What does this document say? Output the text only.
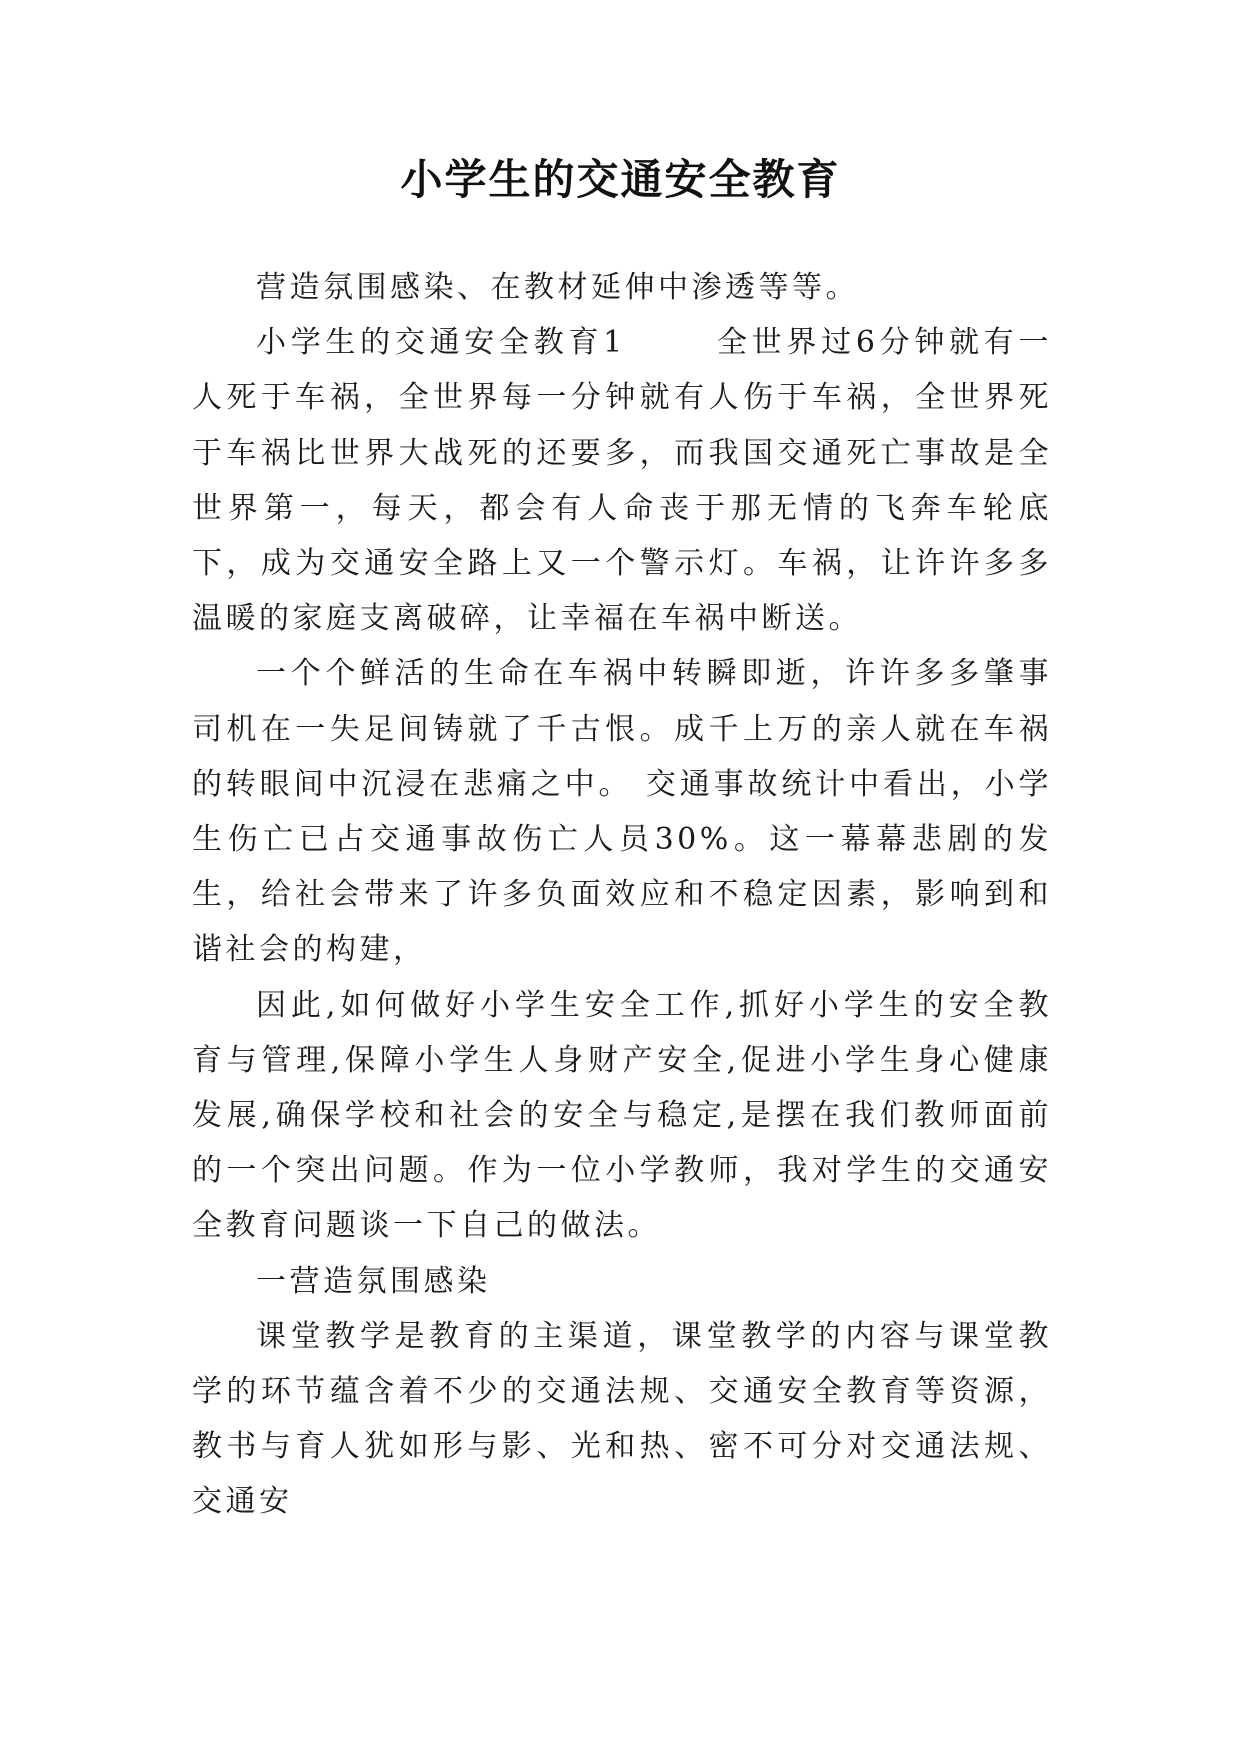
小学生的交通安全教育

营造氛围感染、在教材延伸中渗透等等。

小学生的交通安全教育1	全世界过6分钟就有一人死于车祸，全世界每一分钟就有人伤于车祸，全世界死于车祸比世界大战死的还要多，而我国交通死亡事故是全世界第一，每天，都会有人命丧于那无情的飞奔车轮底下，成为交通安全路上又一个警示灯。车祸，让许许多多温暖的家庭支离破碎，让幸福在车祸中断送。

一个个鲜活的生命在车祸中转瞬即逝，许许多多肇事司机在一失足间铸就了千古恨。成千上万的亲人就在车祸的转眼间中沉浸在悲痛之中。 交通事故统计中看出，小学生伤亡已占交通事故伤亡人员30%。这一幕幕悲剧的发生，给社会带来了许多负面效应和不稳定因素，影响到和谐社会的构建，

因此,如何做好小学生安全工作,抓好小学生的安全教育与管理,保障小学生人身财产安全,促进小学生身心健康发展,确保学校和社会的安全与稳定,是摆在我们教师面前的一个突出问题。作为一位小学教师，我对学生的交通安全教育问题谈一下自己的做法。

一营造氛围感染

课堂教学是教育的主渠道，课堂教学的内容与课堂教学的环节蕴含着不少的交通法规、交通安全教育等资源，教书与育人犹如形与影、光和热、密不可分对交通法规、交通安
